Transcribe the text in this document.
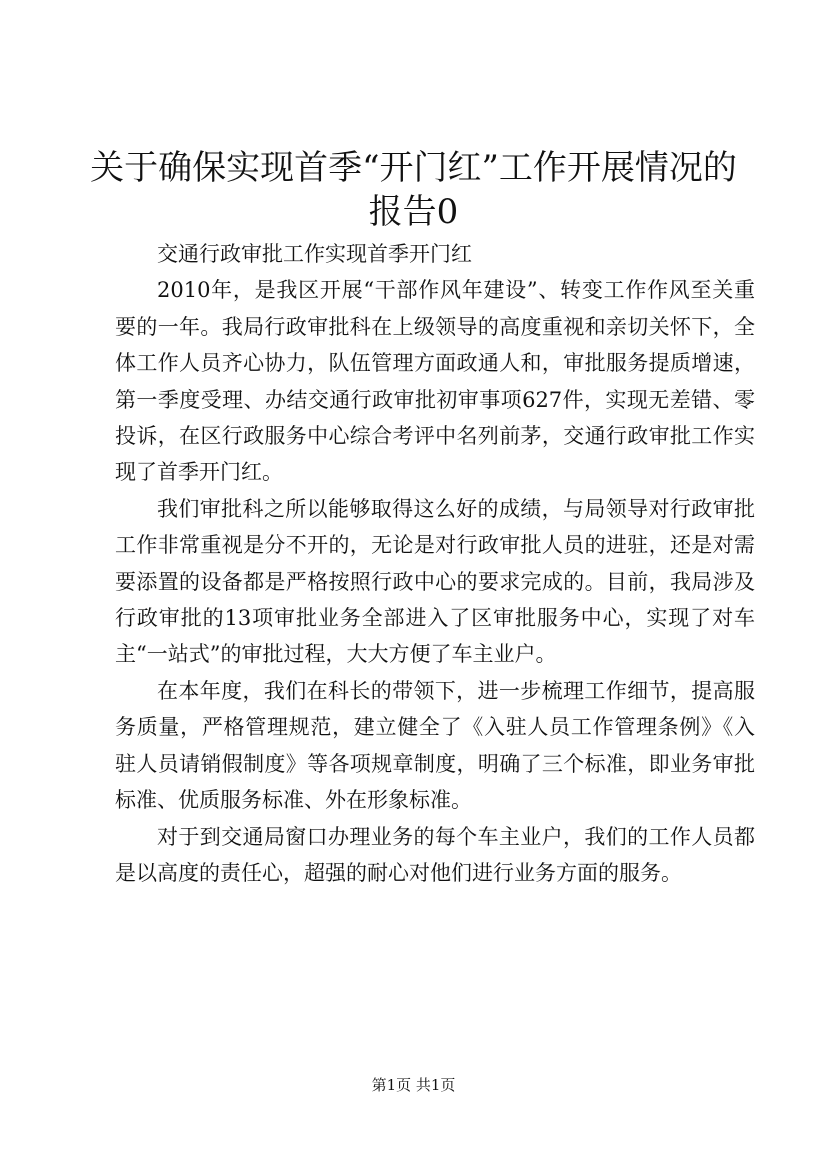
关于确保实现首季“开门红”工作开展情况的
报告0

交通行政审批工作实现首季开门红

2010年，是我区开展“干部作风年建设”、转变工作作风至关重要的一年。我局行政审批科在上级领导的高度重视和亲切关怀下，全体工作人员齐心协力，队伍管理方面政通人和，审批服务提质增速，第一季度受理、办结交通行政审批初审事项627件，实现无差错、零投诉，在区行政服务中心综合考评中名列前茅，交通行政审批工作实现了首季开门红。

我们审批科之所以能够取得这么好的成绩，与局领导对行政审批工作非常重视是分不开的，无论是对行政审批人员的进驻，还是对需要添置的设备都是严格按照行政中心的要求完成的。目前，我局涉及行政审批的13项审批业务全部进入了区审批服务中心，实现了对车主“一站式”的审批过程，大大方便了车主业户。

在本年度，我们在科长的带领下，进一步梳理工作细节，提高服务质量，严格管理规范，建立健全了《入驻人员工作管理条例》《入驻人员请销假制度》等各项规章制度，明确了三个标准，即业务审批标准、优质服务标准、外在形象标准。

对于到交通局窗口办理业务的每个车主业户，我们的工作人员都是以高度的责任心，超强的耐心对他们进行业务方面的服务。

第1页 共1页
